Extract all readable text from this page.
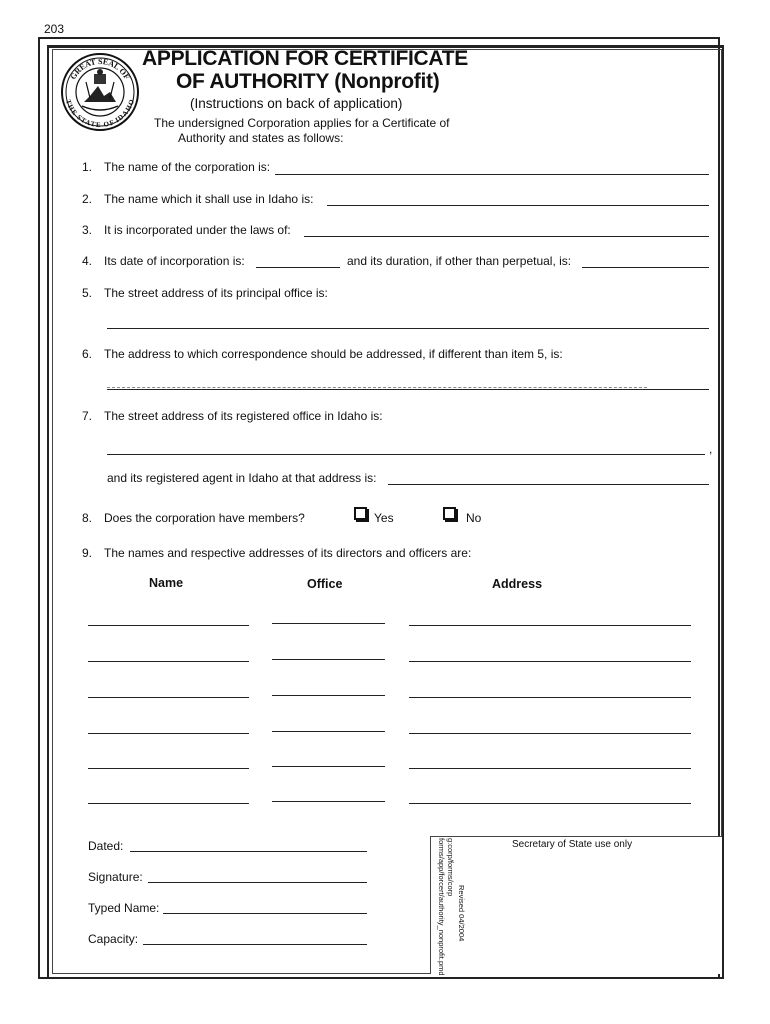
203
GREAT SEAL OF
THE STATE OF IDAHO
APPLICATION FOR CERTIFICATE
OF AUTHORITY (Nonprofit)
(Instructions on back of application)
The undersigned Corporation applies for a Certificate of
Authority and states as follows:
1. The name of the corporation is:
2. The name which it shall use in Idaho is:
3. It is incorporated under the laws of:
4. Its date of incorporation is:	and its duration, if other than perpetual, is:
5. The street address of its principal office is:
6. The address to which correspondence should be addressed, if different than item 5, is:
7. The street address of its registered office in Idaho is:
,
and its registered agent in Idaho at that address is:
8. Does the corporation have members?	Yes	No
9. The names and respective addresses of its directors and officers are:
Name	Office	Address
Dated:
Signature:
Typed Name:
Capacity:
Secretary of State use only
g:corp/forms/corp
forms/app/forcert/authority_nonprofit.pmd Revised 04/2004
